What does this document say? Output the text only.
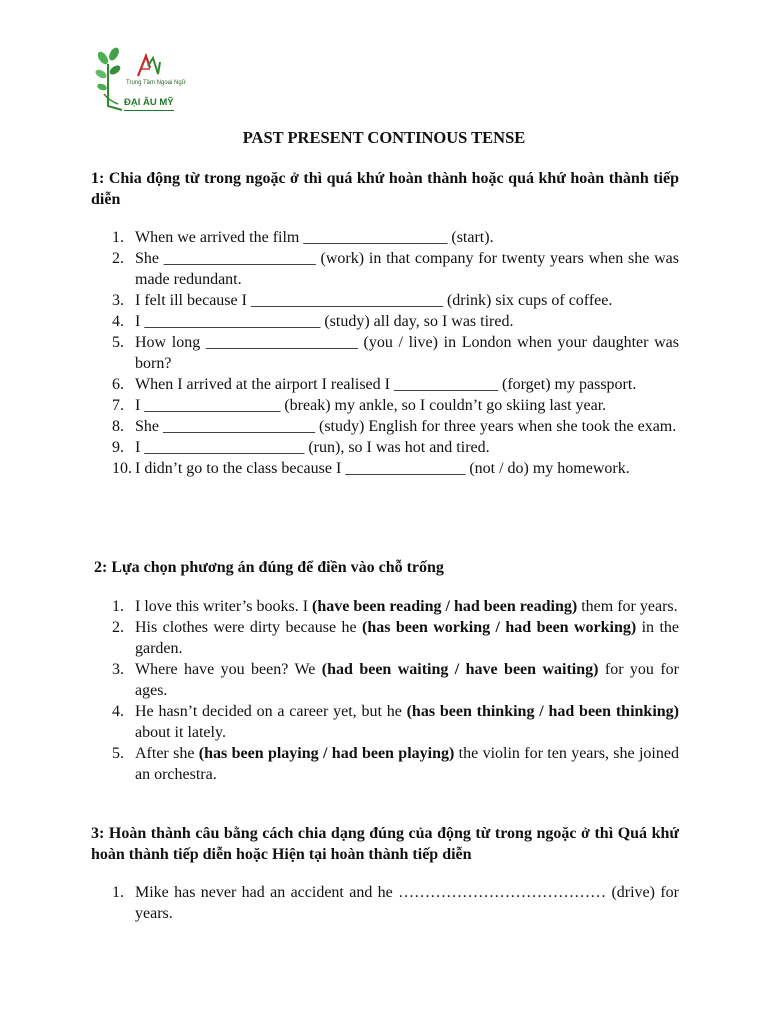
Trung Tâm Ngoại Ngữ
ĐẠI ÂU MỸ
PAST PRESENT CONTINOUS TENSE
1: Chia động từ trong ngoặc ở thì quá khứ hoàn thành hoặc quá khứ hoàn thành tiếp diễn
1. When we arrived the film __________________ (start).
2. She ___________________ (work) in that company for twenty years when she was made redundant.
3. I felt ill because I ________________________ (drink) six cups of coffee.
4. I ______________________ (study) all day, so I was tired.
5. How long ___________________ (you / live) in London when your daughter was born?
6. When I arrived at the airport I realised I _____________ (forget) my passport.
7. I _________________ (break) my ankle, so I couldn’t go skiing last year.
8. She ___________________ (study) English for three years when she took the exam.
9. I ____________________ (run), so I was hot and tired.
10. I didn’t go to the class because I _______________ (not / do) my homework.
2: Lựa chọn phương án đúng để điền vào chỗ trống
1. I love this writer’s books. I (have been reading / had been reading) them for years.
2. His clothes were dirty because he (has been working / had been working) in the garden.
3. Where have you been? We (had been waiting / have been waiting) for you for ages.
4. He hasn’t decided on a career yet, but he (has been thinking / had been thinking) about it lately.
5. After she (has been playing / had been playing) the violin for ten years, she joined an orchestra.
3: Hoàn thành câu bằng cách chia dạng đúng của động từ trong ngoặc ở thì Quá khứ hoàn thành tiếp diễn hoặc Hiện tại hoàn thành tiếp diễn
1. Mike has never had an accident and he ………………………………… (drive) for years.
